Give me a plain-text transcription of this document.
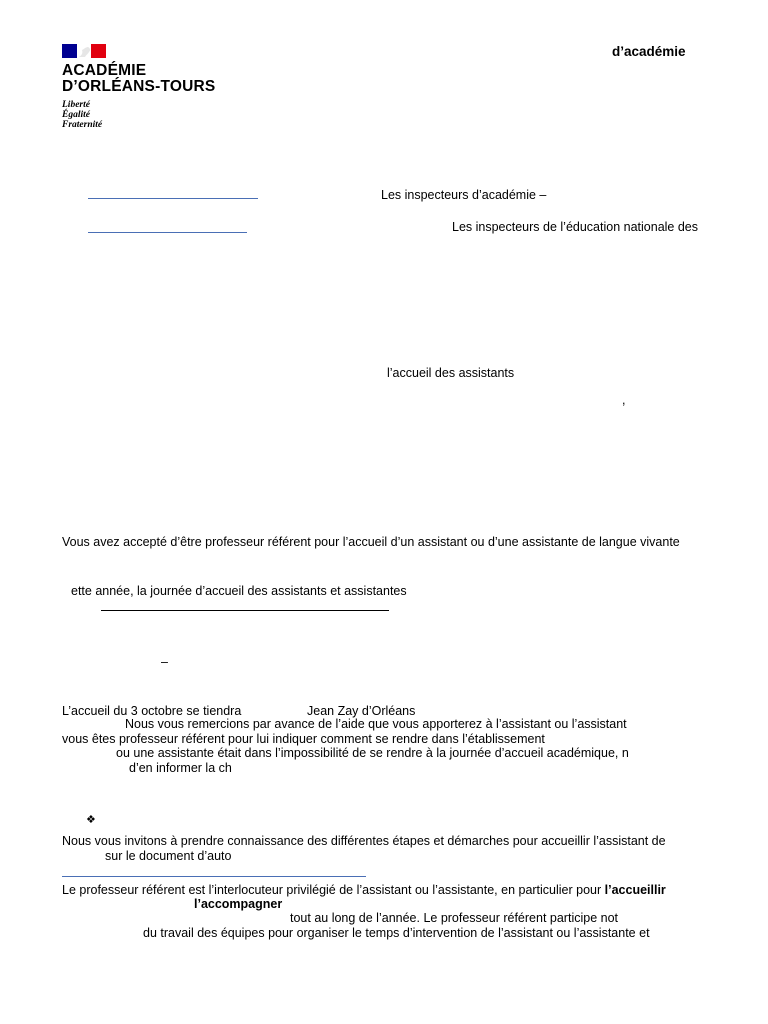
ACADÉMIE
D’ORLÉANS-TOURS
Liberté
Égalité
Fraternité
d’académie
Les inspecteurs d’académie –
Les inspecteurs de l’éducation nationale des
l’accueil des assistants
,
Vous avez accepté d’être professeur référent pour l’accueil d’un assistant ou d’une assistante de langue vivante
ette année, la journée d’accueil des assistants et assistantes
–
L’accueil du 3 octobre se tiendra	Jean Zay d’Orléans
Nous vous remercions par avance de l’aide que vous apporterez à l’assistant ou l’assistant
vous êtes professeur référent pour lui indiquer comment se rendre dans l’établissement
ou une assistante était dans l’impossibilité de se rendre à la journée d’accueil académique, n
d’en informer la ch
❖
Nous vous invitons à prendre connaissance des différentes étapes et démarches pour accueillir l’assistant de
sur le document d’auto
Le professeur référent est l’interlocuteur privilégié de l’assistant ou l’assistante, en particulier pour l’accueillir
l’accompagner
tout au long de l’année. Le professeur référent participe not
du travail des équipes pour organiser le temps d’intervention de l’assistant ou l’assistante et
